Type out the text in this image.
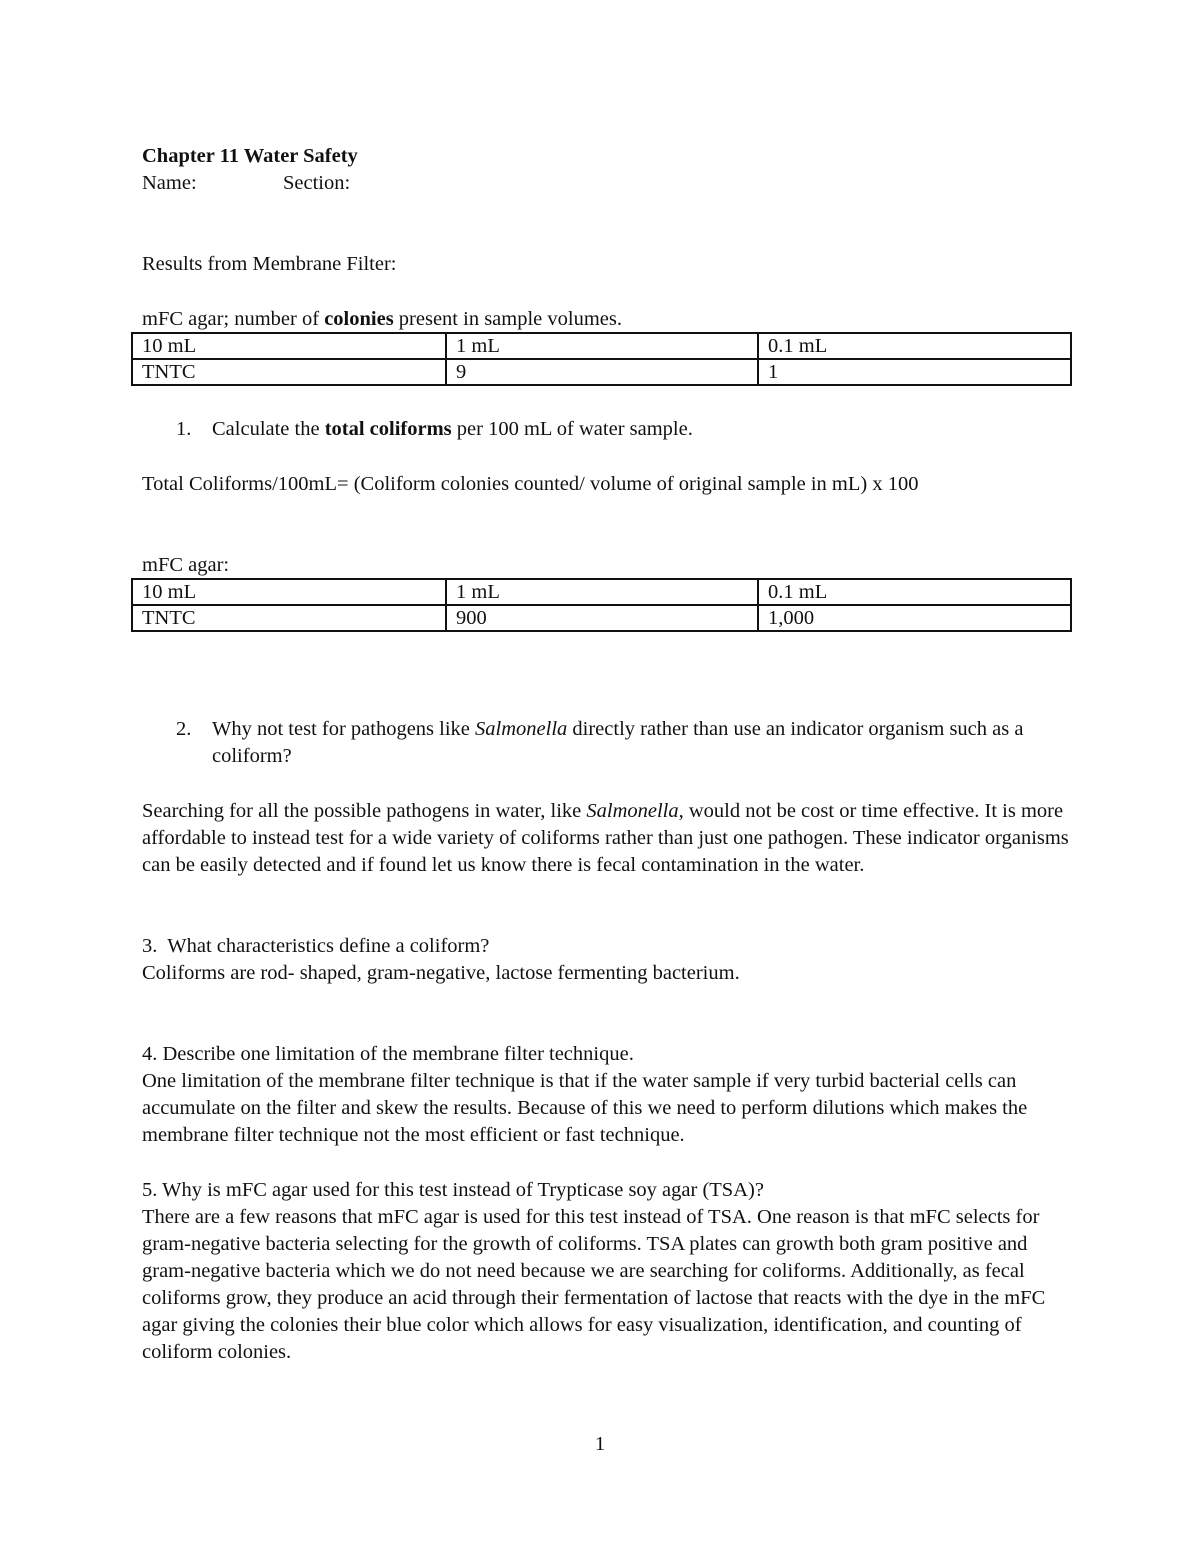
Chapter 11 Water Safety
Name:	Section:
Results from Membrane Filter:
mFC agar; number of colonies present in sample volumes.
10 mL	1 mL	0.1 mL
TNTC	9	1
1. Calculate the total coliforms per 100 mL of water sample.
Total Coliforms/100mL= (Coliform colonies counted/ volume of original sample in mL) x 100
mFC agar:
10 mL	1 mL	0.1 mL
TNTC	900	1,000
2. Why not test for pathogens like Salmonella directly rather than use an indicator organism such as a coliform?
Searching for all the possible pathogens in water, like Salmonella, would not be cost or time effective. It is more affordable to instead test for a wide variety of coliforms rather than just one pathogen. These indicator organisms can be easily detected and if found let us know there is fecal contamination in the water.
3.  What characteristics define a coliform?
Coliforms are rod- shaped, gram-negative, lactose fermenting bacterium.
4. Describe one limitation of the membrane filter technique.
One limitation of the membrane filter technique is that if the water sample if very turbid bacterial cells can accumulate on the filter and skew the results. Because of this we need to perform dilutions which makes the membrane filter technique not the most efficient or fast technique.
5. Why is mFC agar used for this test instead of Trypticase soy agar (TSA)?
There are a few reasons that mFC agar is used for this test instead of TSA. One reason is that mFC selects for gram-negative bacteria selecting for the growth of coliforms. TSA plates can growth both gram positive and gram-negative bacteria which we do not need because we are searching for coliforms. Additionally, as fecal coliforms grow, they produce an acid through their fermentation of lactose that reacts with the dye in the mFC agar giving the colonies their blue color which allows for easy visualization, identification, and counting of coliform colonies.
1
